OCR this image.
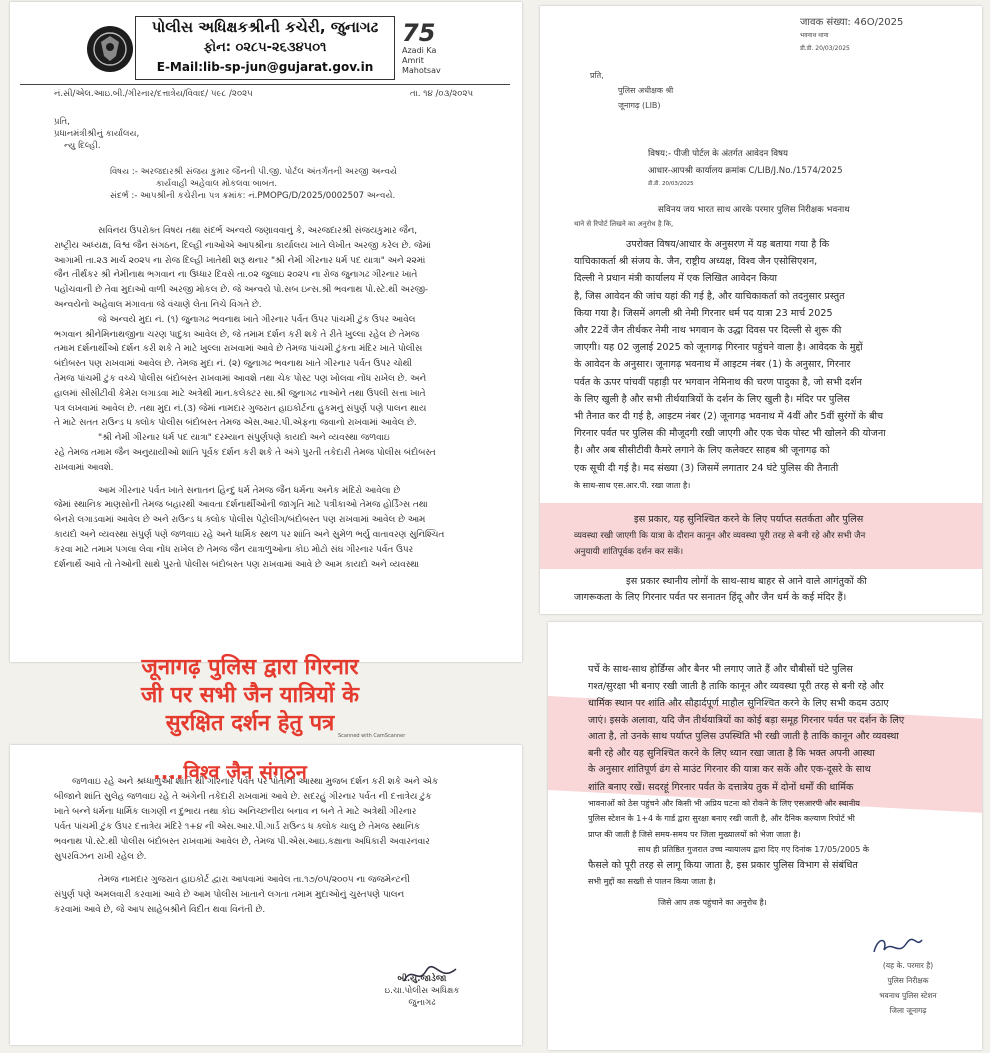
પોલીસ અધિક્ષકશ્રીની કચેરી, જુનાગઢ
ફોન: ૦૨૮૫-૨૬૩૪૫૦૧
E-Mail:lib-sp-jun@gujarat.gov.in
75
Azadi Ka Amrit Mahotsav
નં.સી/એલ.આઇ.બી./ગીરનાર/દત્તાત્રેય/વિવાદ/ ૫૯૮ /૨૦૨૫	તા. ૧૪ /૦૩/૨૦૨૫
પ્રતિ,
પ્રધાનમંત્રીશ્રીનું કાર્યાલય,
ન્યુ દિલ્હી.
વિષય :- અરજદારશ્રી સંજય કુમાર જૈનની પી.જી. પોર્ટલ અંતર્ગતની અરજી અન્વયે
કાર્યવાહી અહેવાલ મોકલવા બાબત.
સંદર્ભ :- આપશ્રીની કચેરીના પત્ર ક્રમાંક: નં.PMOPG/D/2025/0002507 અન્વયે.
સવિનય ઉપરોક્ત વિષય તથા સંદર્ભ અન્વયે જણાવવાનું કે, અરજદારશ્રી સંજયકુમાર જૈન,
રાષ્ટ્રીય અધ્યક્ષ, વિશ્વ જૈન સંગઠન, દિલ્હી નાઓએ આપશ્રીના કાર્યાલય ખાતે લેખીત અરજી કરેલ છે. જેમાં
આગામી તા.૨૩ માર્ચ ૨૦૨૫ ના રોજ દિલ્હી ખાતેથી શરૂ થનાર "શ્રી નેમી ગીરનાર ધર્મ પદ યાત્રા" અને ૨૨માં
જૈન તીર્થંકર શ્રી નેમીનાથ ભગવાન ના ઉધ્ધાર દિવસે તા.૦૨ જુલાઇ ૨૦૨૫ ના રોજ જુનાગઢ ગીરનાર ખાતે
પહોંચવાની છે તેવા મુદાઓ વાળી અરજી મોકલ છે. જે અન્વયે પો.સબ ઇન્સ.શ્રી ભવનાથ પો.સ્ટે.થી અરજી-
અન્વયેનો અહેવાલ મંગાવતા જે વંચાણે લેતા નિચે વિગતે છે.
જે અન્વયે મુદા નં. (૧) જુનાગઢ ભવનાથ ખાતે ગીરનાર પર્વત ઉપર પાંચમી ટુંક ઉપર આવેલ
ભગવાન શ્રીનેમિનાથજીના ચરણ પાદુકા આવેલ છે, જે તમામ દર્શન કરી શકે તે રીતે ખુલ્લા રહેલ છે તેમજ
તમામ દર્શનાર્થીઓ દર્શન કરી શકે તે માટે ખુલ્લા રાખવામાં આવે છે તેમજ પાંચમી ટુંકના મંદિર ખાતે પોલીસ
બંદોબસ્ત પણ રાખવામાં આવેલ છે. તેમજ મુદા નં. (૨) જુનાગઢ ભવનાથ ખાતે ગીરનાર પર્વત ઉપર ચોથી
તેમજ પાંચમી ટુંક વચ્ચે પોલીસ બંદોબસ્ત રાખવામાં આવશે તથા ચેક પોસ્ટ પણ ખોલવા નોંધ રાખેલ છે. અને
હાલમાં સીસીટીવી કેમેરા લગાડવા માટે અત્રેથી માન.કલેક્ટર સા.શ્રી જુનાગઢ નાઓને તથા ઉપલી સત્તા ખાતે
પત્ર લખવામાં આવેલ છે. તથા મુદા નં.(૩) જેમાં નામદાર ગુજરાત હાઇકોર્ટના હુકમનું સંપુર્ણ પણે પાલન થાય
તે માટે સતત રાઉન્ડ ધ ક્લોક પોલીસ બંદોબસ્ત તેમજ એસ.આર.પી.એફના જવાનો રાખવામાં આવેલ છે.
"શ્રી નેમી ગીરનાર ધર્મ પદ યાત્રા" દરમ્યાન સંપુર્ણપણે કાયદો અને વ્યવસ્થા જળવાઇ
રહે તેમજ તમામ જૈન અનુયાયીઓ શાંતિ પૂર્વક દર્શન કરી શકે તે અંગે પુરતી તકેદારી તેમજ પોલીસ બંદોબસ્ત
રાખવામાં આવશે.
આમ ગીરનાર પર્વત ખાતે સનાતન હિન્દુ ધર્મ તેમજ જૈન ધર્મના અનેક મંદિરો આવેલા છે
જેમાં સ્થાનિક માણસોની તેમજ બહારથી આવતા દર્શનાર્થીઓની જાગૃતિ માટે પત્રીકાઓ તેમજ હોર્ડિંગ્સ તથા
બેનરો લગાડવામાં આવેલ છે અને રાઉન્ડ ધ ક્લોક પોલીસ પેટ્રોલીંગ/બંદોબસ્ત પણ રાખવામાં આવેલ છે આમ
કાયદો અને વ્યવસ્થા સંપુર્ણ પણે જળવાઇ રહે અને ધાર્મિક સ્થળ પર શાંતિ અને સુમેળ ભર્યુ વાતાવરણ સુનિશ્ચિત
કરવા માટે તમામ પગલા લેવા નોંધ રાખેલ છે તેમજ જૈન યાત્રાળુઓના કોઇ મોટો સંઘ ગીરનાર પર્વત ઉપર
દર્શનાર્થે આવે તો તેઓની સાથે પુરતો પોલીસ બંદોબસ્ત પણ રાખવામાં આવે છે આમ કાયદો અને વ્યવસ્થા
जूनागढ़ पुलिस द्वारा गिरनार
जी पर सभी जैन यात्रियों के
सुरक्षित दर्शन हेतु पत्र Scanned with CamScanner
....विश्व जैन संगठन
જળવાઇ રહે અને શ્રધ્ધાળુઓ શાંતિ થી ગીરનાર પર્વત પર પોતાની આસ્થા મુજબ દર્શન કરી શકે અને એક
બીજાને શાંતિ સુલેહ જળવાઇ રહે તે અંગેની તકેદારી રાખવામાં આવે છે. સદરહું ગીરનાર પર્વત ની દત્તાત્રેય ટુંક
ખાતે બન્ને ધર્મના ધાર્મિક લાગણી ન દુભાય તથા કોઇ અનિચ્છનીય બનાવ ન બને તે માટે અત્રેથી ગીરનાર
પર્વત પાંચમી ટુંક ઉપર દત્તાત્રેય મંદિરે ૧+૪ ની એસ.આર.પી.ગાર્ડ રાઉન્ડ ધ ક્લોક ચાલુ છે તેમજ સ્થાનિક
ભવનાથ પો.સ્ટે.થી પોલીસ બંદોબસ્ત રાખવામાં આવેલ છે, તેમજ પી.એસ.આઇ.કક્ષાના અધિકારી અવારનવાર
સુપરવિઝન રાખી રહેલ છે.
તેમજ નામદાર ગુજરાત હાઇકોર્ટ દ્વારા આપવામાં આવેલ તા.૧૭/૦૫/૨૦૦૫ ના જજમેન્ટની
સંપુર્ણ પણે અમલવારી કરવામાં આવે છે આમ પોલીસ ખાતાને લગતા તમામ મુદાઓનું ચુસ્તપણે પાલન
કરવામાં આવે છે, જે આપ સાહેબશ્રીને વિદીત થવા વિનંતી છે.
બી.યુ.જાડેજા
ઇ.ચા.પોલીસ અધિક્ષક
જુનાગઢ
जावक संख्या: 46O/2025
भवनाथ थाना
डी.डी. 20/03/2025
प्रति,
पुलिस अधीक्षक श्री
जूनागढ़ (LIB)
विषय:- पीजी पोर्टल के अंतर्गत आवेदन विषय
आधार-आपश्री कार्यालय क्रमांक C/LIB/J.No./1574/2025
डी.डी. 20/03/2025
सविनय जय भारत साथ आरके परमार पुलिस निरीक्षक भवनाथ
थाने से रिपोर्ट लिखने का अनुरोध है कि,
उपरोक्त विषय/आधार के अनुसरण में यह बताया गया है कि
याचिकाकर्ता श्री संजय के. जैन, राष्ट्रीय अध्यक्ष, विश्व जैन एसोसिएशन,
दिल्ली ने प्रधान मंत्री कार्यालय में एक लिखित आवेदन किया
है, जिस आवेदन की जांच यहां की गई है, और याचिकाकर्ता को तदनुसार प्रस्तुत
किया गया है। जिसमें अगली श्री नेमी गिरनार धर्म पद यात्रा 23 मार्च 2025
और 22वें जैन तीर्थकर नेमी नाथ भगवान के उद्धा दिवस पर दिल्ली से शुरू की
जाएगी। यह 02 जुलाई 2025 को जूनागढ़ गिरनार पहुंचने वाला है। आवेदक के मुद्दों
के आवेदन के अनुसार। जूनागढ़ भवनाथ में आइटम नंबर (1) के अनुसार, गिरनार
पर्वत के ऊपर पांचवीं पहाड़ी पर भगवान नेमिनाथ की चरण पादुका है, जो सभी दर्शन
के लिए खुली है और सभी तीर्थयात्रियों के दर्शन के लिए खुली है। मंदिर पर पुलिस
भी तैनात कर दी गई है, आइटम नंबर (2) जूनागढ़ भवनाथ में 4वीं और 5वीं सुरंगों के बीच
गिरनार पर्वत पर पुलिस की मौजूदगी रखी जाएगी और एक चेक पोस्ट भी खोलने की योजना
है। और अब सीसीटीवी कैमरे लगाने के लिए कलेक्टर साहब श्री जूनागढ़ को
एक सूची दी गई है। मद संख्या (3) जिसमें लगातार 24 घंटे पुलिस की तैनाती
के साथ-साथ एस.आर.पी. रखा जाता है।
इस प्रकार, यह सुनिश्चित करने के लिए पर्याप्त सतर्कता और पुलिस
व्यवस्था रखी जाएगी कि यात्रा के दौरान कानून और व्यवस्था पूरी तरह से बनी रहे और सभी जैन
अनुयायी शांतिपूर्वक दर्शन कर सकें।
इस प्रकार स्थानीय लोगों के साथ-साथ बाहर से आने वाले आगंतुकों की
जागरूकता के लिए गिरनार पर्वत पर सनातन हिंदू और जैन धर्म के कई मंदिर हैं।
पर्चे के साथ-साथ होर्डिंग्स और बैनर भी लगाए जाते हैं और चौबीसों घंटे पुलिस
गश्त/सुरक्षा भी बनाए रखी जाती है ताकि कानून और व्यवस्था पूरी तरह से बनी रहे और
धार्मिक स्थान पर शांति और सौहार्दपूर्ण माहौल सुनिश्चित करने के लिए सभी कदम उठाए
जाएं। इसके अलावा, यदि जैन तीर्थयात्रियों का कोई बड़ा समूह गिरनार पर्वत पर दर्शन के लिए
आता है, तो उनके साथ पर्याप्त पुलिस उपस्थिति भी रखी जाती है ताकि कानून और व्यवस्था
बनी रहे और यह सुनिश्चित करने के लिए ध्यान रखा जाता है कि भक्त अपनी आस्था
के अनुसार शांतिपूर्ण ढंग से माउंट गिरनार की यात्रा कर सकें और एक-दूसरे के साथ
शांति बनाए रखें। सदरहूं गिरनार पर्वत के दत्तात्रेय तुक में दोनों धर्मों की धार्मिक
भावनाओं को ठेस पहुंचने और किसी भी अप्रिय घटना को रोकने के लिए एसआरपी और स्थानीय
पुलिस स्टेशन के 1+4 के गार्ड द्वारा सुरक्षा बनाए रखी जाती है, और दैनिक कल्याण रिपोर्ट भी
प्राप्त की जाती है जिसे समय-समय पर जिला मुख्यालयों को भेजा जाता है।
साथ ही प्रतिष्ठित गुजरात उच्च न्यायालय द्वारा दिए गए दिनांक 17/05/2005 के
फैसले को पूरी तरह से लागू किया जाता है, इस प्रकार पुलिस विभाग से संबंधित
सभी मुद्दों का सख्ती से पालन किया जाता है।
जिसे आप तक पहुंचाने का अनुरोध है।
(यह के. परमार है)
पुलिस निरीक्षक
भवनाथ पुलिस स्टेशन
जिला जूनागढ़
